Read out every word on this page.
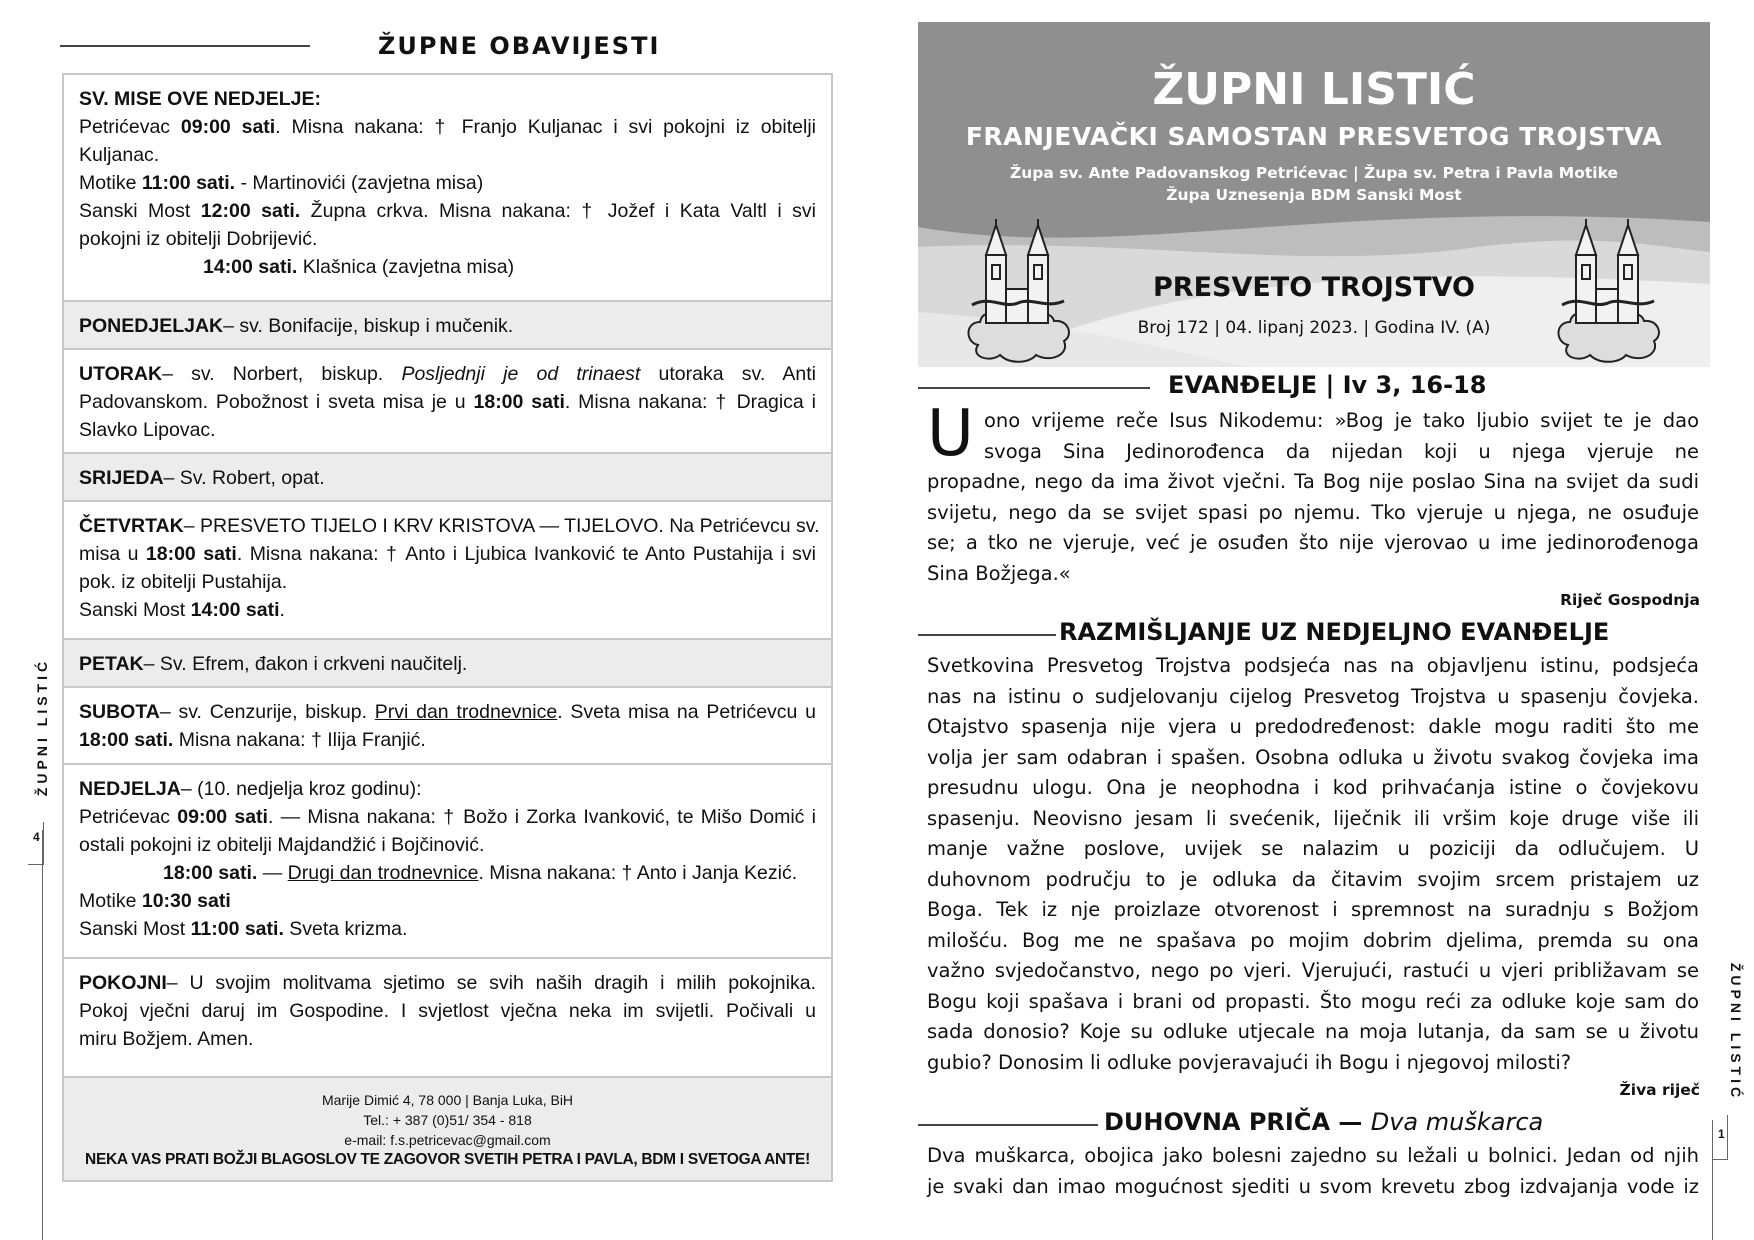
ŽUPNE OBAVIJESTI
SV. MISE OVE NEDJELJE:
Petrićevac 09:00 sati. Misna nakana: † Franjo Kuljanac i svi pokojni iz obitelji
Kuljanac.
Motike 11:00 sati. - Martinovići (zavjetna misa)
Sanski Most 12:00 sati. Župna crkva. Misna nakana: † Jožef i Kata Valtl i svi
pokojni iz obitelji Dobrijević.
14:00 sati. Klašnica (zavjetna misa)
PONEDJELJAK– sv. Bonifacije, biskup i mučenik.
UTORAK– sv. Norbert, biskup. Posljednji je od trinaest utoraka sv. Anti
Padovanskom. Pobožnost i sveta misa je u 18:00 sati. Misna nakana: † Dragica i
Slavko Lipovac.
SRIJEDA– Sv. Robert, opat.
ČETVRTAK– PRESVETO TIJELO I KRV KRISTOVA — TIJELOVO. Na Petrićevcu sv.
misa u 18:00 sati. Misna nakana: † Anto i Ljubica Ivanković te Anto Pustahija i svi
pok. iz obitelji Pustahija.
Sanski Most 14:00 sati.
PETAK– Sv. Efrem, đakon i crkveni naučitelj.
SUBOTA– sv. Cenzurije, biskup. Prvi dan trodnevnice. Sveta misa na Petrićevcu u
18:00 sati. Misna nakana: † Ilija Franjić.
NEDJELJA– (10. nedjelja kroz godinu):
Petrićevac 09:00 sati. — Misna nakana: † Božo i Zorka Ivanković, te Mišo Domić i
ostali pokojni iz obitelji Majdandžić i Bojčinović.
18:00 sati. — Drugi dan trodnevnice. Misna nakana: † Anto i Janja Kezić.
Motike 10:30 sati
Sanski Most 11:00 sati. Sveta krizma.
POKOJNI– U svojim molitvama sjetimo se svih naših dragih i milih pokojnika.
Pokoj vječni daruj im Gospodine. I svjetlost vječna neka im svijetli. Počivali u
miru Božjem. Amen.
Marije Dimić 4, 78 000 | Banja Luka, BiH
Tel.: + 387 (0)51/ 354 - 818
e-mail: f.s.petricevac@gmail.com
NEKA VAS PRATI BOŽJI BLAGOSLOV TE ZAGOVOR SVETIH PETRA I PAVLA, BDM I SVETOGA ANTE!
ŽUPNI LISTIĆ
4
ŽUPNI LISTIĆ
FRANJEVAČKI SAMOSTAN PRESVETOG TROJSTVA
Župa sv. Ante Padovanskog Petrićevac | Župa sv. Petra i Pavla Motike
Župa Uznesenja BDM Sanski Most
PRESVETO TROJSTVO
Broj 172 | 04. lipanj 2023. | Godina IV. (A)
EVANĐELJE | Iv 3, 16-18
U ono vrijeme reče Isus Nikodemu: »Bog je tako ljubio svijet te je dao
svoga Sina Jedinorođenca da nijedan koji u njega vjeruje ne
propadne, nego da ima život vječni. Ta Bog nije poslao Sina na svijet da sudi
svijetu, nego da se svijet spasi po njemu. Tko vjeruje u njega, ne osuđuje
se; a tko ne vjeruje, već je osuđen što nije vjerovao u ime jedinorođenoga
Sina Božjega.«
Riječ Gospodnja
RAZMIŠLJANJE UZ NEDJELJNO EVANĐELJE
Svetkovina Presvetog Trojstva podsjeća nas na objavljenu istinu, podsjeća
nas na istinu o sudjelovanju cijelog Presvetog Trojstva u spasenju čovjeka.
Otajstvo spasenja nije vjera u predodređenost: dakle mogu raditi što me
volja jer sam odabran i spašen. Osobna odluka u životu svakog čovjeka ima
presudnu ulogu. Ona je neophodna i kod prihvaćanja istine o čovjekovu
spasenju. Neovisno jesam li svećenik, liječnik ili vršim koje druge više ili
manje važne poslove, uvijek se nalazim u poziciji da odlučujem. U
duhovnom području to je odluka da čitavim svojim srcem pristajem uz
Boga. Tek iz nje proizlaze otvorenost i spremnost na suradnju s Božjom
milošću. Bog me ne spašava po mojim dobrim djelima, premda su ona
važno svjedočanstvo, nego po vjeri. Vjerujući, rastući u vjeri približavam se
Bogu koji spašava i brani od propasti. Što mogu reći za odluke koje sam do
sada donosio? Koje su odluke utjecale na moja lutanja, da sam se u životu
gubio? Donosim li odluke povjeravajući ih Bogu i njegovoj milosti?
Živa riječ
DUHOVNA PRIČA — Dva muškarca
Dva muškarca, obojica jako bolesni zajedno su ležali u bolnici. Jedan od njih
je svaki dan imao mogućnost sjediti u svom krevetu zbog izdvajanja vode iz
ŽUPNI LISTIĆ
1
